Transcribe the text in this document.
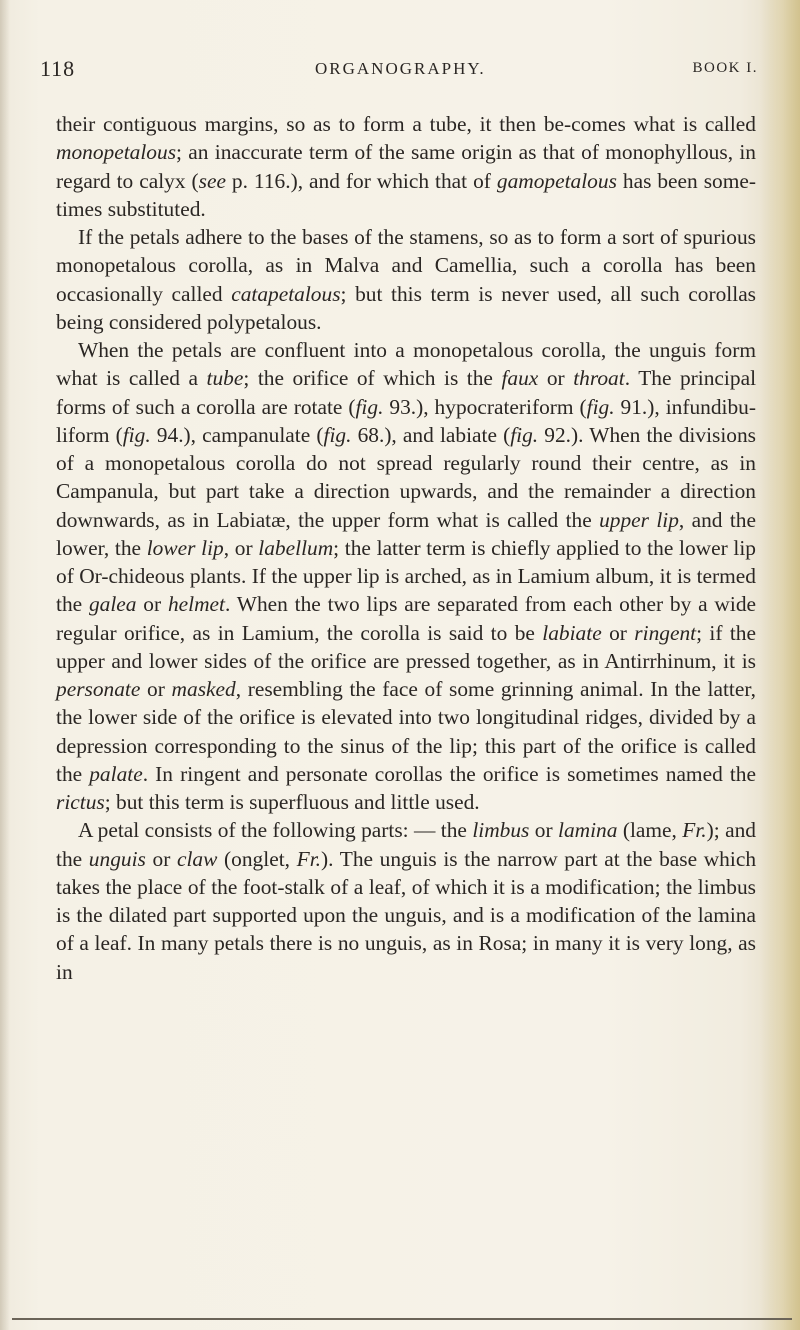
118	ORGANOGRAPHY.	BOOK I.

their contiguous margins, so as to form a tube, it then be-comes what is called monopetalous; an inaccurate term of the same origin as that of monophyllous, in regard to calyx (see p. 116.), and for which that of gamopetalous has been some-times substituted.

If the petals adhere to the bases of the stamens, so as to form a sort of spurious monopetalous corolla, as in Malva and Camellia, such a corolla has been occasionally called catapetalous; but this term is never used, all such corollas being considered polypetalous.

When the petals are confluent into a monopetalous corolla, the unguis form what is called a tube; the orifice of which is the faux or throat. The principal forms of such a corolla are rotate (fig. 93.), hypocrateriform (fig. 91.), infundibu-liform (fig. 94.), campanulate (fig. 68.), and labiate (fig. 92.). When the divisions of a monopetalous corolla do not spread regularly round their centre, as in Campanula, but part take a direction upwards, and the remainder a direction downwards, as in Labiatæ, the upper form what is called the upper lip, and the lower, the lower lip, or labellum; the latter term is chiefly applied to the lower lip of Or-chideous plants. If the upper lip is arched, as in Lamium album, it is termed the galea or helmet. When the two lips are separated from each other by a wide regular orifice, as in Lamium, the corolla is said to be labiate or ringent; if the upper and lower sides of the orifice are pressed together, as in Antirrhinum, it is personate or masked, resembling the face of some grinning animal. In the latter, the lower side of the orifice is elevated into two longitudinal ridges, divided by a depression corresponding to the sinus of the lip; this part of the orifice is called the palate. In ringent and personate corollas the orifice is sometimes named the rictus; but this term is superfluous and little used.

A petal consists of the following parts: — the limbus or lamina (lame, Fr.); and the unguis or claw (onglet, Fr.). The unguis is the narrow part at the base which takes the place of the foot-stalk of a leaf, of which it is a modification; the limbus is the dilated part supported upon the unguis, and is a modification of the lamina of a leaf. In many petals there is no unguis, as in Rosa; in many it is very long, as in
